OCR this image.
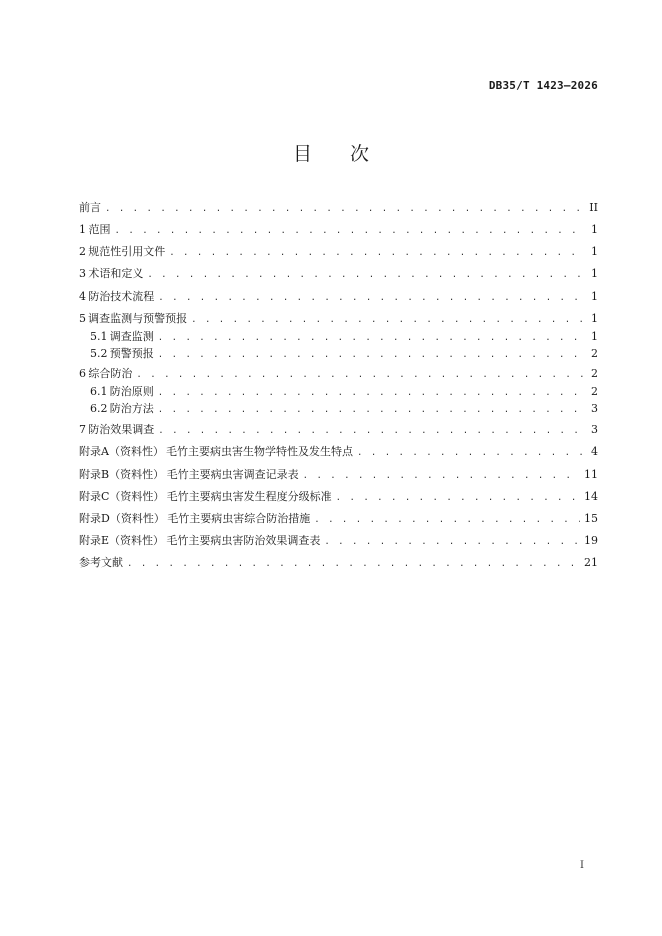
DB35/T 1423—2026
目 次
前言 . . .	II
1 范围 . . .	1
2 规范性引用文件 . . .	1
3 术语和定义 . . .	1
4 防治技术流程 . . .	1
5 调查监测与预警预报 . . .	1
5.1 调查监测 . . .	1
5.2 预警预报 . . .	2
6 综合防治 . . .	2
6.1 防治原则 . . .	2
6.2 防治方法 . . .	3
7 防治效果调查 . . .	3
附录A（资料性） 毛竹主要病虫害生物学特性及发生特点 . . .	4
附录B（资料性） 毛竹主要病虫害调查记录表 . . .	11
附录C（资料性） 毛竹主要病虫害发生程度分级标准 . . .	14
附录D（资料性） 毛竹主要病虫害综合防治措施 . . .	15
附录E（资料性） 毛竹主要病虫害防治效果调查表 . . .	19
参考文献 . . .	21
I
